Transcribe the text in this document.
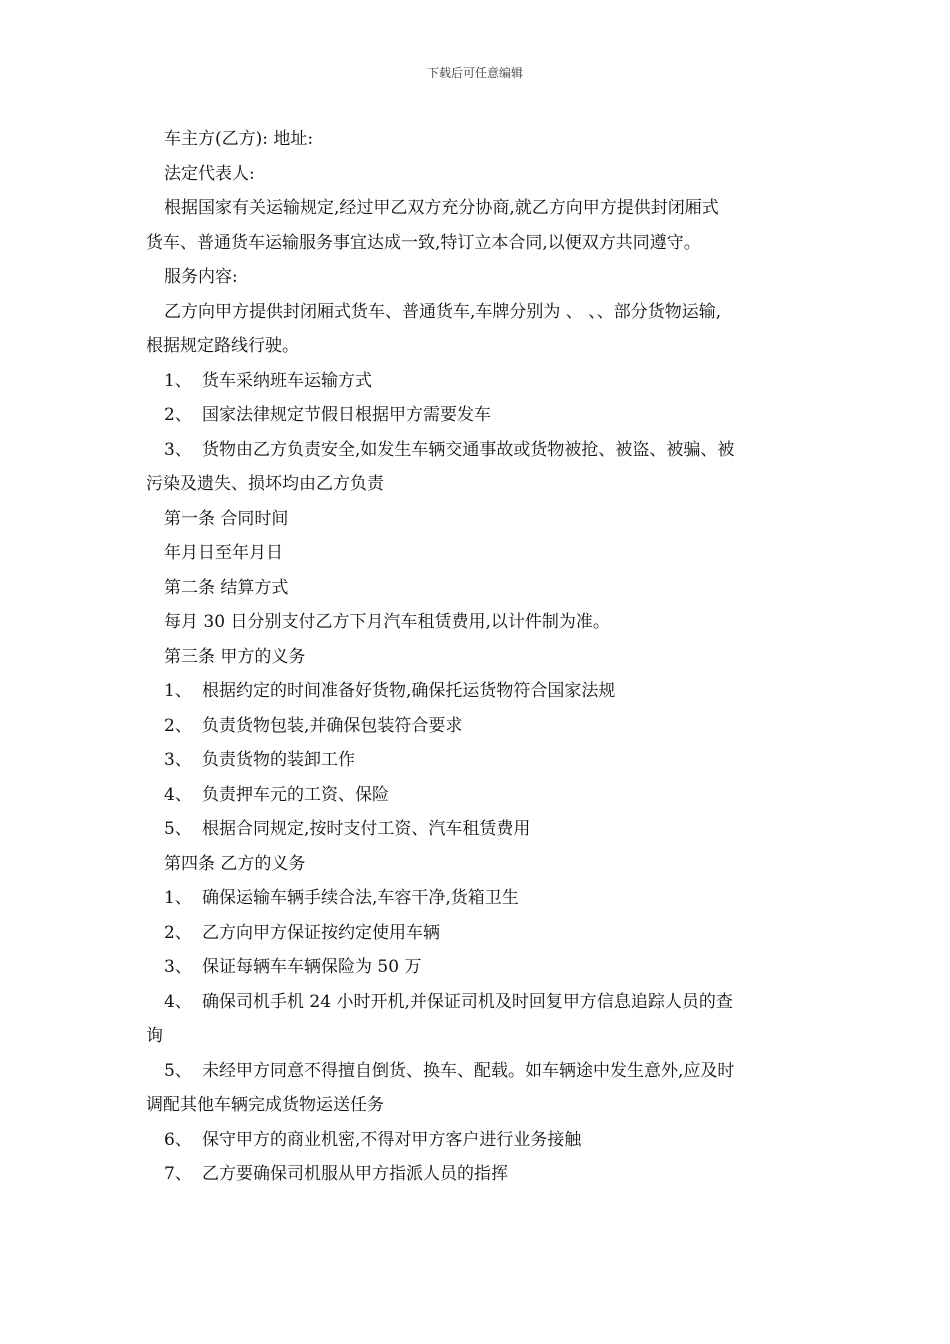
下载后可任意编辑

车主方(乙方): 地址:

法定代表人:

根据国家有关运输规定,经过甲乙双方充分协商,就乙方向甲方提供封闭厢式

货车、普通货车运输服务事宜达成一致,特订立本合同,以便双方共同遵守。

服务内容:

乙方向甲方提供封闭厢式货车、普通货车,车牌分别为 、 、、部分货物运输,

根据规定路线行驶。

1、 货车采纳班车运输方式

2、 国家法律规定节假日根据甲方需要发车

3、 货物由乙方负责安全,如发生车辆交通事故或货物被抢、被盗、被骗、被

污染及遗失、损坏均由乙方负责

第一条 合同时间

年月日至年月日

第二条 结算方式

每月 30 日分别支付乙方下月汽车租赁费用,以计件制为准。

第三条 甲方的义务

1、 根据约定的时间准备好货物,确保托运货物符合国家法规

2、 负责货物包装,并确保包装符合要求

3、 负责货物的装卸工作

4、 负责押车元的工资、保险

5、 根据合同规定,按时支付工资、汽车租赁费用

第四条 乙方的义务

1、 确保运输车辆手续合法,车容干净,货箱卫生

2、 乙方向甲方保证按约定使用车辆

3、 保证每辆车车辆保险为 50 万

4、 确保司机手机 24 小时开机,并保证司机及时回复甲方信息追踪人员的查

询

5、 未经甲方同意不得擅自倒货、换车、配载。如车辆途中发生意外,应及时

调配其他车辆完成货物运送任务

6、 保守甲方的商业机密,不得对甲方客户进行业务接触

7、 乙方要确保司机服从甲方指派人员的指挥
